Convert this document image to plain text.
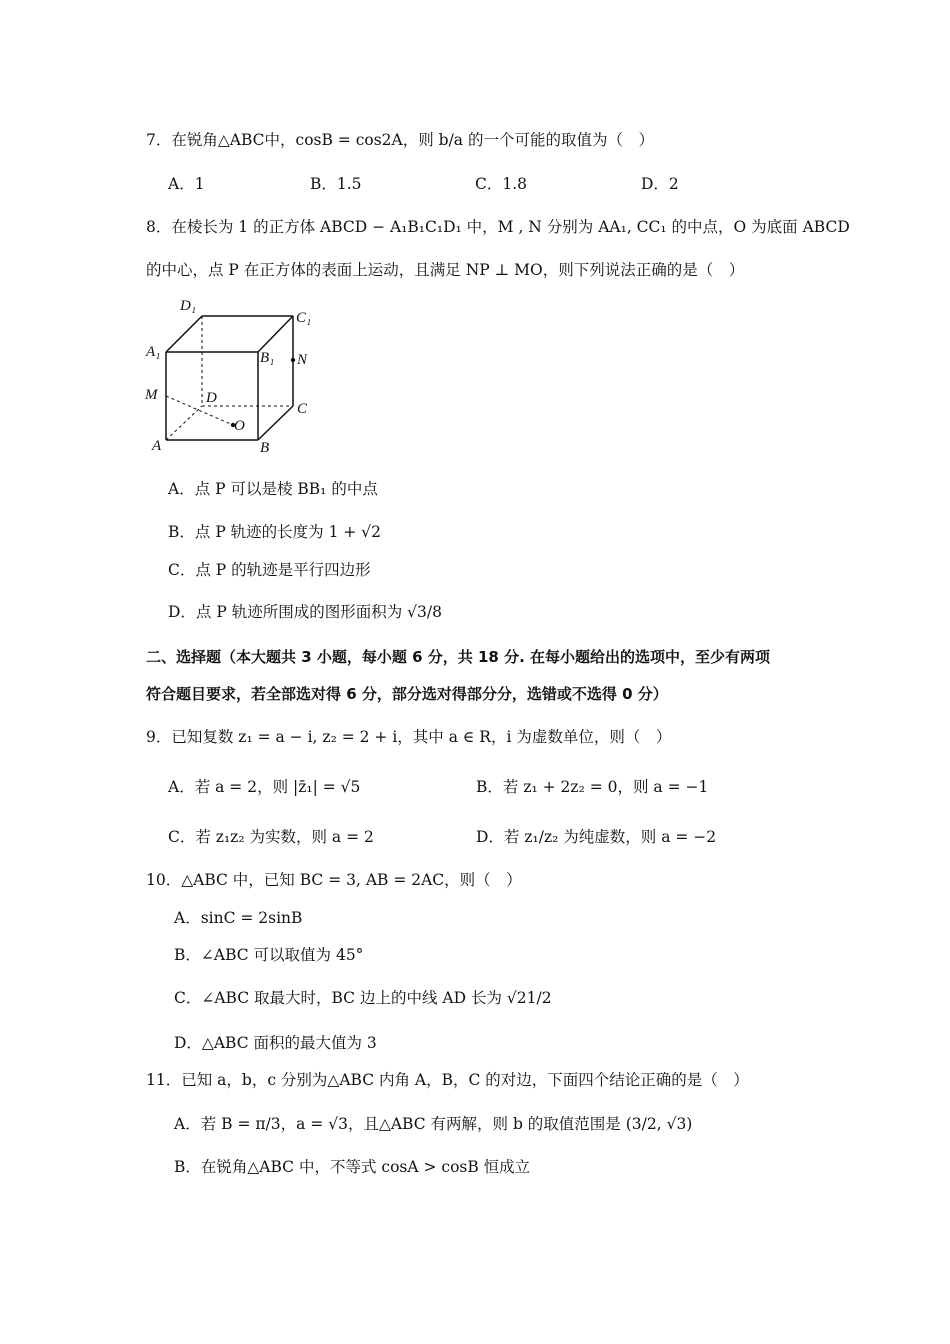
7．在锐角△ABC中，cosB = cos2A，则 b/a 的一个可能的取值为（　）
A．1	B．1.5	C．1.8	D．2
8．在棱长为 1 的正方体 ABCD − A₁B₁C₁D₁ 中，M , N 分别为 AA₁, CC₁ 的中点，O 为底面 ABCD
的中心，点 P 在正方体的表面上运动，且满足 NP ⊥ MO，则下列说法正确的是（　）
D₁
C₁
A₁	B₁ N
M	D
C
O
A	B
A．点 P 可以是棱 BB₁ 的中点
B．点 P 轨迹的长度为 1 + √2
C．点 P 的轨迹是平行四边形
D．点 P 轨迹所围成的图形面积为 √3/8
二、选择题（本大题共 3 小题，每小题 6 分，共 18 分. 在每小题给出的选项中，至少有两项
符合题目要求，若全部选对得 6 分，部分选对得部分分，选错或不选得 0 分）
9．已知复数 z₁ = a − i, z₂ = 2 + i，其中 a ∈ R，i 为虚数单位，则（　）
A．若 a = 2，则 |z̄₁| = √5	B．若 z₁ + 2z₂ = 0，则 a = −1
C．若 z₁z₂ 为实数，则 a = 2	D．若 z₁/z₂ 为纯虚数，则 a = −2
10．△ABC 中，已知 BC = 3, AB = 2AC，则（　）
A．sinC = 2sinB
B．∠ABC 可以取值为 45°
C．∠ABC 取最大时，BC 边上的中线 AD 长为 √21/2
D．△ABC 面积的最大值为 3
11．已知 a，b，c 分别为△ABC 内角 A，B，C 的对边，下面四个结论正确的是（　）
A．若 B = π/3，a = √3，且△ABC 有两解，则 b 的取值范围是 (3/2, √3)
B．在锐角△ABC 中，不等式 cosA > cosB 恒成立
